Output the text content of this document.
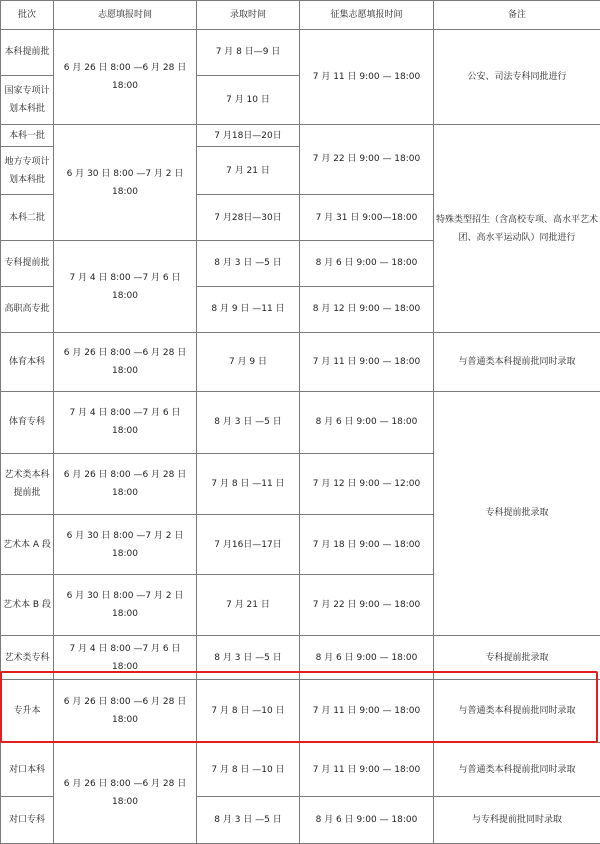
批次	志愿填报时间	录取时间	征集志愿填报时间	备注
本科提前批	6 月 26 日 8:00 —6 月 28 日 18:00	7 月 8 日—9 日	7 月 11 日 9:00 — 18:00	公安、司法专科同批进行
国家专项计划本科批		7 月 10 日		
本科一批	6 月 30 日 8:00 —7 月 2 日 18:00	7 月18日—20日	7 月 22 日 9:00 — 18:00	特殊类型招生（含高校专项、高水平艺术团、高水平运动队）同批进行
地方专项计划本科批		7 月 21 日		
本科二批		7 月28日—30日	7 月 31 日 9:00—18:00	
专科提前批	7 月 4 日 8:00 —7 月 6 日 18:00	8 月 3 日 —5 日	8 月 6 日 9:00 — 18:00	
高职高专批		8 月 9 日 —11 日	8 月 12 日 9:00 — 18:00	
体育本科	6 月 26 日 8:00 —6 月 28 日 18:00	7 月 9 日	7 月 11 日 9:00 — 18:00	与普通类本科提前批同时录取
体育专科	7 月 4 日 8:00 —7 月 6 日 18:00	8 月 3 日 —5 日	8 月 6 日 9:00 — 18:00	专科提前批录取
艺术类本科提前批	6 月 26 日 8:00 —6 月 28 日 18:00	7 月 8 日 —11 日	7 月 12 日 9:00 — 12:00	
艺术本 A 段	6 月 30 日 8:00 —7 月 2 日 18:00	7 月16日—17日	7 月 18 日 9:00 — 18:00	
艺术本 B 段	6 月 30 日 8:00 —7 月 2 日 18:00	7 月 21 日	7 月 22 日 9:00 — 18:00	
艺术类专科	7 月 4 日 8:00 —7 月 6 日 18:00	8 月 3 日 —5 日	8 月 6 日 9:00 — 18:00	专科提前批录取
专升本	6 月 26 日 8:00 —6 月 28 日 18:00	7 月 8 日 —10 日	7 月 11 日 9:00 — 18:00	与普通类本科提前批同时录取
对口本科	6 月 26 日 8:00 —6 月 28 日 18:00	7 月 8 日 —10 日	7 月 11 日 9:00 — 18:00	与普通类本科提前批同时录取
对口专科		8 月 3 日 —5 日	8 月 6 日 9:00 — 18:00	与专科提前批同时录取
